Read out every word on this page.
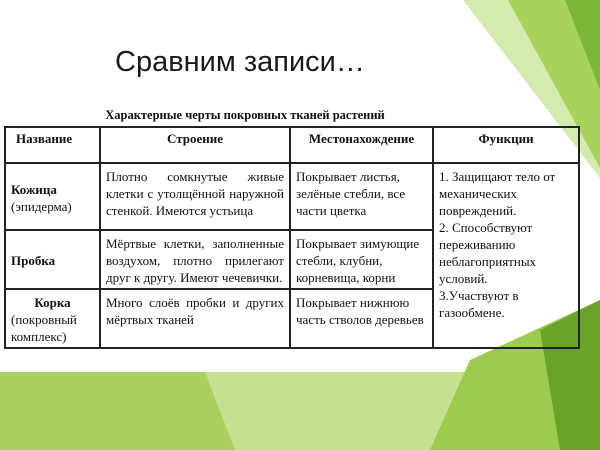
Сравним записи…
Характерные черты покровных тканей растений
Название	Строение	Местонахождение	Функции

Кожица
(эпидерма)	Плотно сомкнутые живые клетки с утолщённой наружной стенкой. Имеются устьица	Покрывает листья, зелёные стебли, все части цветка	1. Защищают тело от механических повреждений.
2. Способствуют переживанию неблагоприятных условий.
3.Участвуют в газообмене.

Пробка	Мёртвые клетки, заполненные воздухом, плотно прилегают друг к другу. Имеют чечевички.	Покрывает зимующие стебли, клубни, корневища, корни	

Корка
(покровный комплекс)	Много слоёв пробки и других мёртвых тканей	Покрывает нижнюю часть стволов деревьев	
